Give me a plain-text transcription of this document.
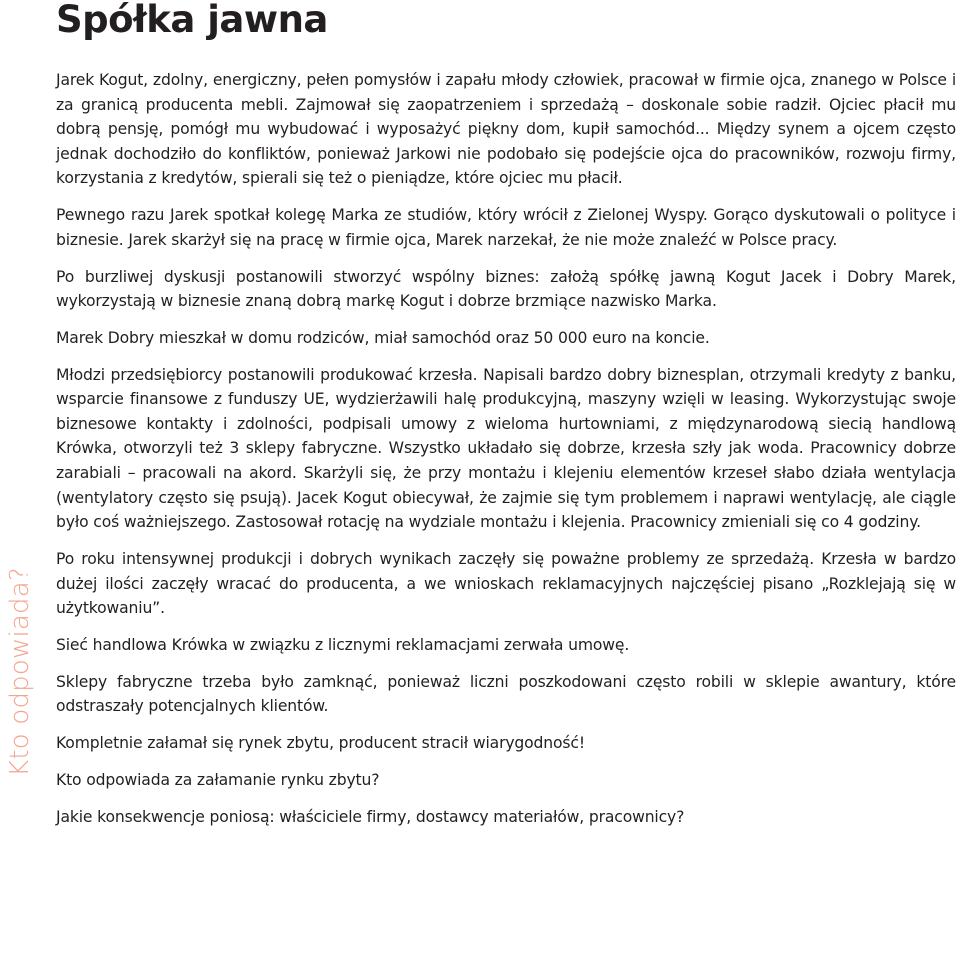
Spółka jawna

Jarek Kogut, zdolny, energiczny, pełen pomysłów i zapału młody człowiek, pracował w firmie ojca, znanego w Polsce i za granicą producenta mebli. Zajmował się zaopatrzeniem i sprzedażą – doskonale sobie radził. Ojciec płacił mu dobrą pensję, pomógł mu wybudować i wyposażyć piękny dom, kupił samochód... Między synem a ojcem często jednak dochodziło do konfliktów, ponieważ Jarkowi nie podobało się podejście ojca do pracowników, rozwoju firmy, korzystania z kredytów, spierali się też o pieniądze, które ojciec mu płacił.

Pewnego razu Jarek spotkał kolegę Marka ze studiów, który wrócił z Zielonej Wyspy. Gorąco dyskutowali o polityce i biznesie. Jarek skarżył się na pracę w firmie ojca, Marek narzekał, że nie może znaleźć w Polsce pracy.

Po burzliwej dyskusji postanowili stworzyć wspólny biznes: założą spółkę jawną Kogut Jacek i Dobry Marek, wykorzystają w biznesie znaną dobrą markę Kogut i dobrze brzmiące nazwisko Marka.

Marek Dobry mieszkał w domu rodziców, miał samochód oraz 50 000 euro na koncie.

Młodzi przedsiębiorcy postanowili produkować krzesła. Napisali bardzo dobry biznesplan, otrzymali kredyty z banku, wsparcie finansowe z funduszy UE, wydzierżawili halę produkcyjną, maszyny wzięli w leasing. Wykorzystując swoje biznesowe kontakty i zdolności, podpisali umowy z wieloma hurtowniami, z międzynarodową siecią handlową Krówka, otworzyli też 3 sklepy fabryczne. Wszystko układało się dobrze, krzesła szły jak woda. Pracownicy dobrze zarabiali – pracowali na akord. Skarżyli się, że przy montażu i klejeniu elementów krzeseł słabo działa wentylacja (wentylatory często się psują). Jacek Kogut obiecywał, że zajmie się tym problemem i naprawi wentylację, ale ciągle było coś ważniejszego. Zastosował rotację na wydziale montażu i klejenia. Pracownicy zmieniali się co 4 godziny.

Po roku intensywnej produkcji i dobrych wynikach zaczęły się poważne problemy ze sprzedażą. Krzesła w bardzo dużej ilości zaczęły wracać do producenta, a we wnioskach reklamacyjnych najczęściej pisano „Rozklejają się w użytkowaniu”.

Sieć handlowa Krówka w związku z licznymi reklamacjami zerwała umowę.

Sklepy fabryczne trzeba było zamknąć, ponieważ liczni poszkodowani często robili w sklepie awantury, które odstraszały potencjalnych klientów.

Kompletnie załamał się rynek zbytu, producent stracił wiarygodność!

Kto odpowiada za załamanie rynku zbytu?

Jakie konsekwencje poniosą: właściciele firmy, dostawcy materiałów, pracownicy?

Kto odpowiada?
